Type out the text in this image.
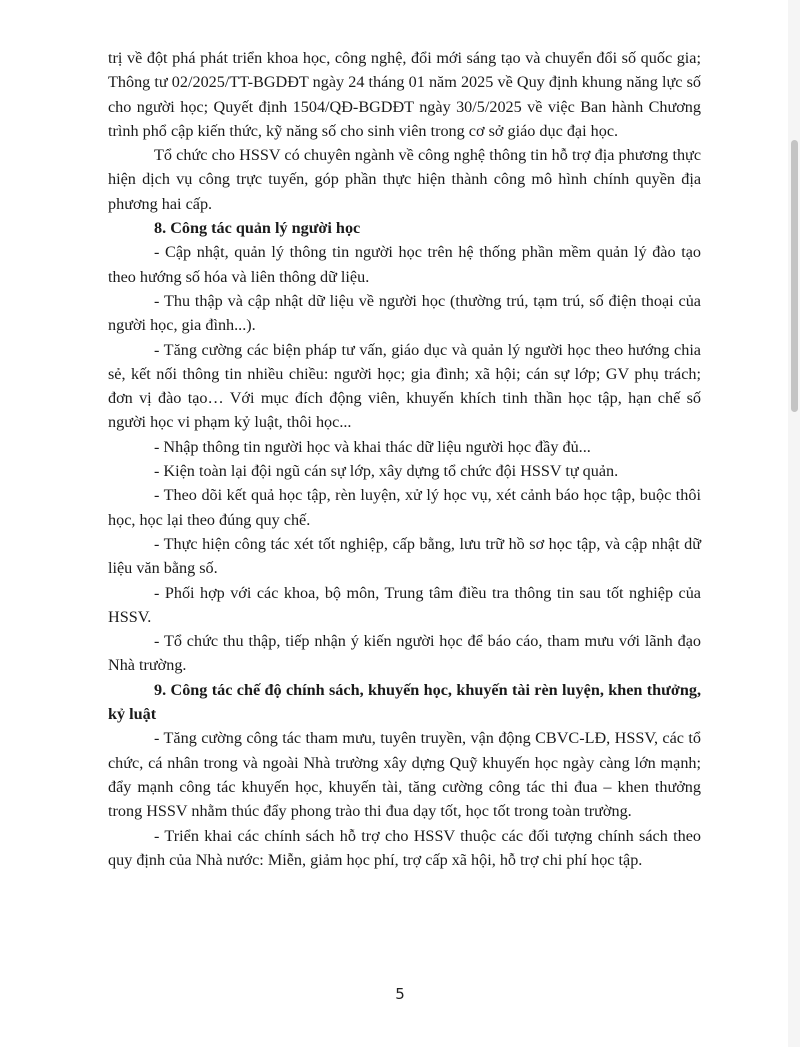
trị về đột phá phát triển khoa học, công nghệ, đổi mới sáng tạo và chuyển đổi số quốc gia; Thông tư 02/2025/TT-BGDĐT ngày 24 tháng 01 năm 2025 về Quy định khung năng lực số cho người học; Quyết định 1504/QĐ-BGDĐT ngày 30/5/2025 về việc Ban hành Chương trình phổ cập kiến thức, kỹ năng số cho sinh viên trong cơ sở giáo dục đại học.

Tổ chức cho HSSV có chuyên ngành về công nghệ thông tin hỗ trợ địa phương thực hiện dịch vụ công trực tuyến, góp phần thực hiện thành công mô hình chính quyền địa phương hai cấp.

8. Công tác quản lý người học

- Cập nhật, quản lý thông tin người học trên hệ thống phần mềm quản lý đào tạo theo hướng số hóa và liên thông dữ liệu.

- Thu thập và cập nhật dữ liệu về người học (thường trú, tạm trú, số điện thoại của người học, gia đình...).

- Tăng cường các biện pháp tư vấn, giáo dục và quản lý người học theo hướng chia sẻ, kết nối thông tin nhiều chiều: người học; gia đình; xã hội; cán sự lớp; GV phụ trách; đơn vị đào tạo… Với mục đích động viên, khuyến khích tinh thần học tập, hạn chế số người học vi phạm kỷ luật, thôi học...

- Nhập thông tin người học và khai thác dữ liệu người học đầy đủ...

- Kiện toàn lại đội ngũ cán sự lớp, xây dựng tổ chức đội HSSV tự quản.

- Theo dõi kết quả học tập, rèn luyện, xử lý học vụ, xét cảnh báo học tập, buộc thôi học, học lại theo đúng quy chế.

- Thực hiện công tác xét tốt nghiệp, cấp bằng, lưu trữ hồ sơ học tập, và cập nhật dữ liệu văn bằng số.

- Phối hợp với các khoa, bộ môn, Trung tâm điều tra thông tin sau tốt nghiệp của HSSV.

- Tổ chức thu thập, tiếp nhận ý kiến người học để báo cáo, tham mưu với lãnh đạo Nhà trường.

9. Công tác chế độ chính sách, khuyến học, khuyến tài rèn luyện, khen thưởng, kỷ luật

- Tăng cường công tác tham mưu, tuyên truyền, vận động CBVC-LĐ, HSSV, các tổ chức, cá nhân trong và ngoài Nhà trường xây dựng Quỹ khuyến học ngày càng lớn mạnh; đẩy mạnh công tác khuyến học, khuyến tài, tăng cường công tác thi đua – khen thưởng trong HSSV nhằm thúc đẩy phong trào thi đua dạy tốt, học tốt trong toàn trường.

- Triển khai các chính sách hỗ trợ cho HSSV thuộc các đối tượng chính sách theo quy định của Nhà nước: Miễn, giảm học phí, trợ cấp xã hội, hỗ trợ chi phí học tập.

5
